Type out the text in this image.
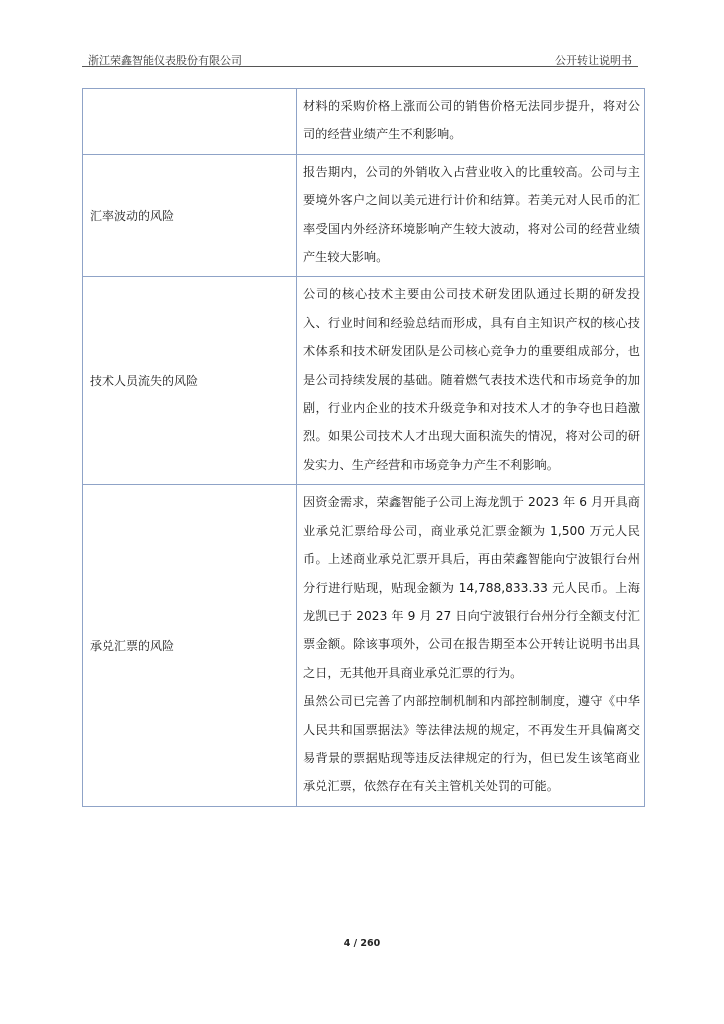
浙江荣鑫智能仪表股份有限公司	公开转让说明书

	材料的采购价格上涨而公司的销售价格无法同步提升，将对公司的经营业绩产生不利影响。

汇率波动的风险	报告期内，公司的外销收入占营业收入的比重较高。公司与主要境外客户之间以美元进行计价和结算。若美元对人民币的汇率受国内外经济环境影响产生较大波动，将对公司的经营业绩产生较大影响。

技术人员流失的风险	公司的核心技术主要由公司技术研发团队通过长期的研发投入、行业时间和经验总结而形成，具有自主知识产权的核心技术体系和技术研发团队是公司核心竞争力的重要组成部分，也是公司持续发展的基础。随着燃气表技术迭代和市场竞争的加剧，行业内企业的技术升级竞争和对技术人才的争夺也日趋激烈。如果公司技术人才出现大面积流失的情况，将对公司的研发实力、生产经营和市场竞争力产生不利影响。

承兑汇票的风险	因资金需求，荣鑫智能子公司上海龙凯于 2023 年 6 月开具商业承兑汇票给母公司，商业承兑汇票金额为 1,500 万元人民币。上述商业承兑汇票开具后，再由荣鑫智能向宁波银行台州分行进行贴现，贴现金额为 14,788,833.33 元人民币。上海龙凯已于 2023 年 9 月 27 日向宁波银行台州分行全额支付汇票金额。除该事项外，公司在报告期至本公开转让说明书出具之日，无其他开具商业承兑汇票的行为。

虽然公司已完善了内部控制机制和内部控制制度，遵守《中华人民共和国票据法》等法律法规的规定，不再发生开具偏离交易背景的票据贴现等违反法律规定的行为，但已发生该笔商业承兑汇票，依然存在有关主管机关处罚的可能。

4 / 260
